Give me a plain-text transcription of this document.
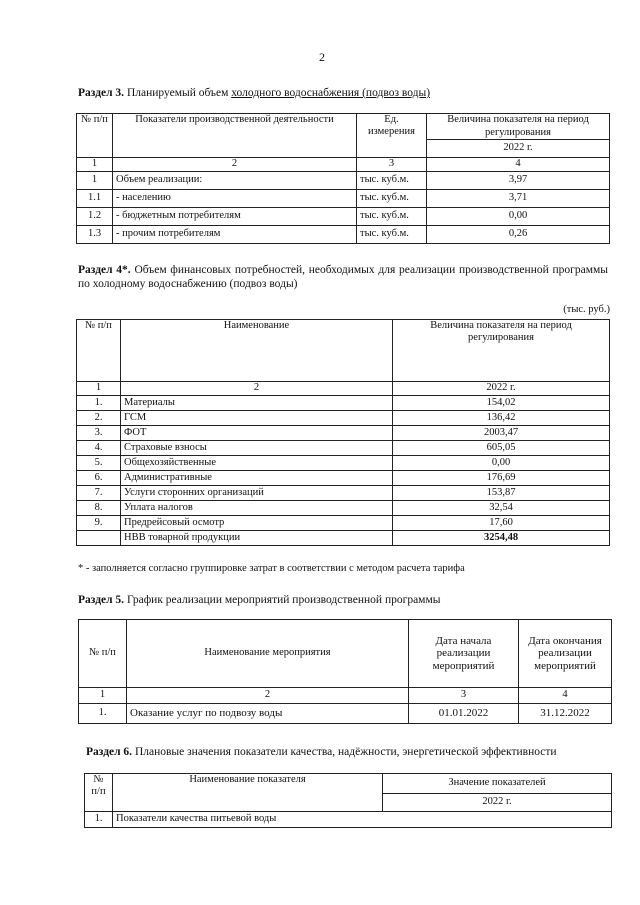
2
Раздел 3. Планируемый объем холодного водоснабжения (подвоз воды)
№ п/п	Показатели производственной деятельности	Ед. измерения	Величина показателя на период регулирования
			2022 г.
1	2	3	4
1	Объем реализации:	тыс. куб.м.	3,97
1.1	- населению	тыс. куб.м.	3,71
1.2	- бюджетным потребителям	тыс. куб.м.	0,00
1.3	- прочим потребителям	тыс. куб.м.	0,26
Раздел 4*. Объем финансовых потребностей, необходимых для реализации производственной программы по холодному водоснабжению (подвоз воды)
(тыс. руб.)
№ п/п	Наименование	Величина показателя на период регулирования
1	2	2022 г.
1.	Материалы	154,02
2.	ГСМ	136,42
3.	ФОТ	2003,47
4.	Страховые взносы	605,05
5.	Общехозяйственные	0,00
6.	Административные	176,69
7.	Услуги сторонних организаций	153,87
8.	Уплата налогов	32,54
9.	Предрейсовый осмотр	17,60
	НВВ товарной продукции	3254,48
* - заполняется согласно группировке затрат в соответствии с методом расчета тарифа
Раздел 5. График реализации мероприятий производственной программы
№ п/п	Наименование мероприятия	Дата начала реализации мероприятий	Дата окончания реализации мероприятий
1	2	3	4
1.	Оказание услуг по подвозу воды	01.01.2022	31.12.2022
Раздел 6. Плановые значения показатели качества, надёжности, энергетической эффективности
№ п/п	Наименование показателя	Значение показателей
		2022 г.
1.	Показатели качества питьевой воды	
